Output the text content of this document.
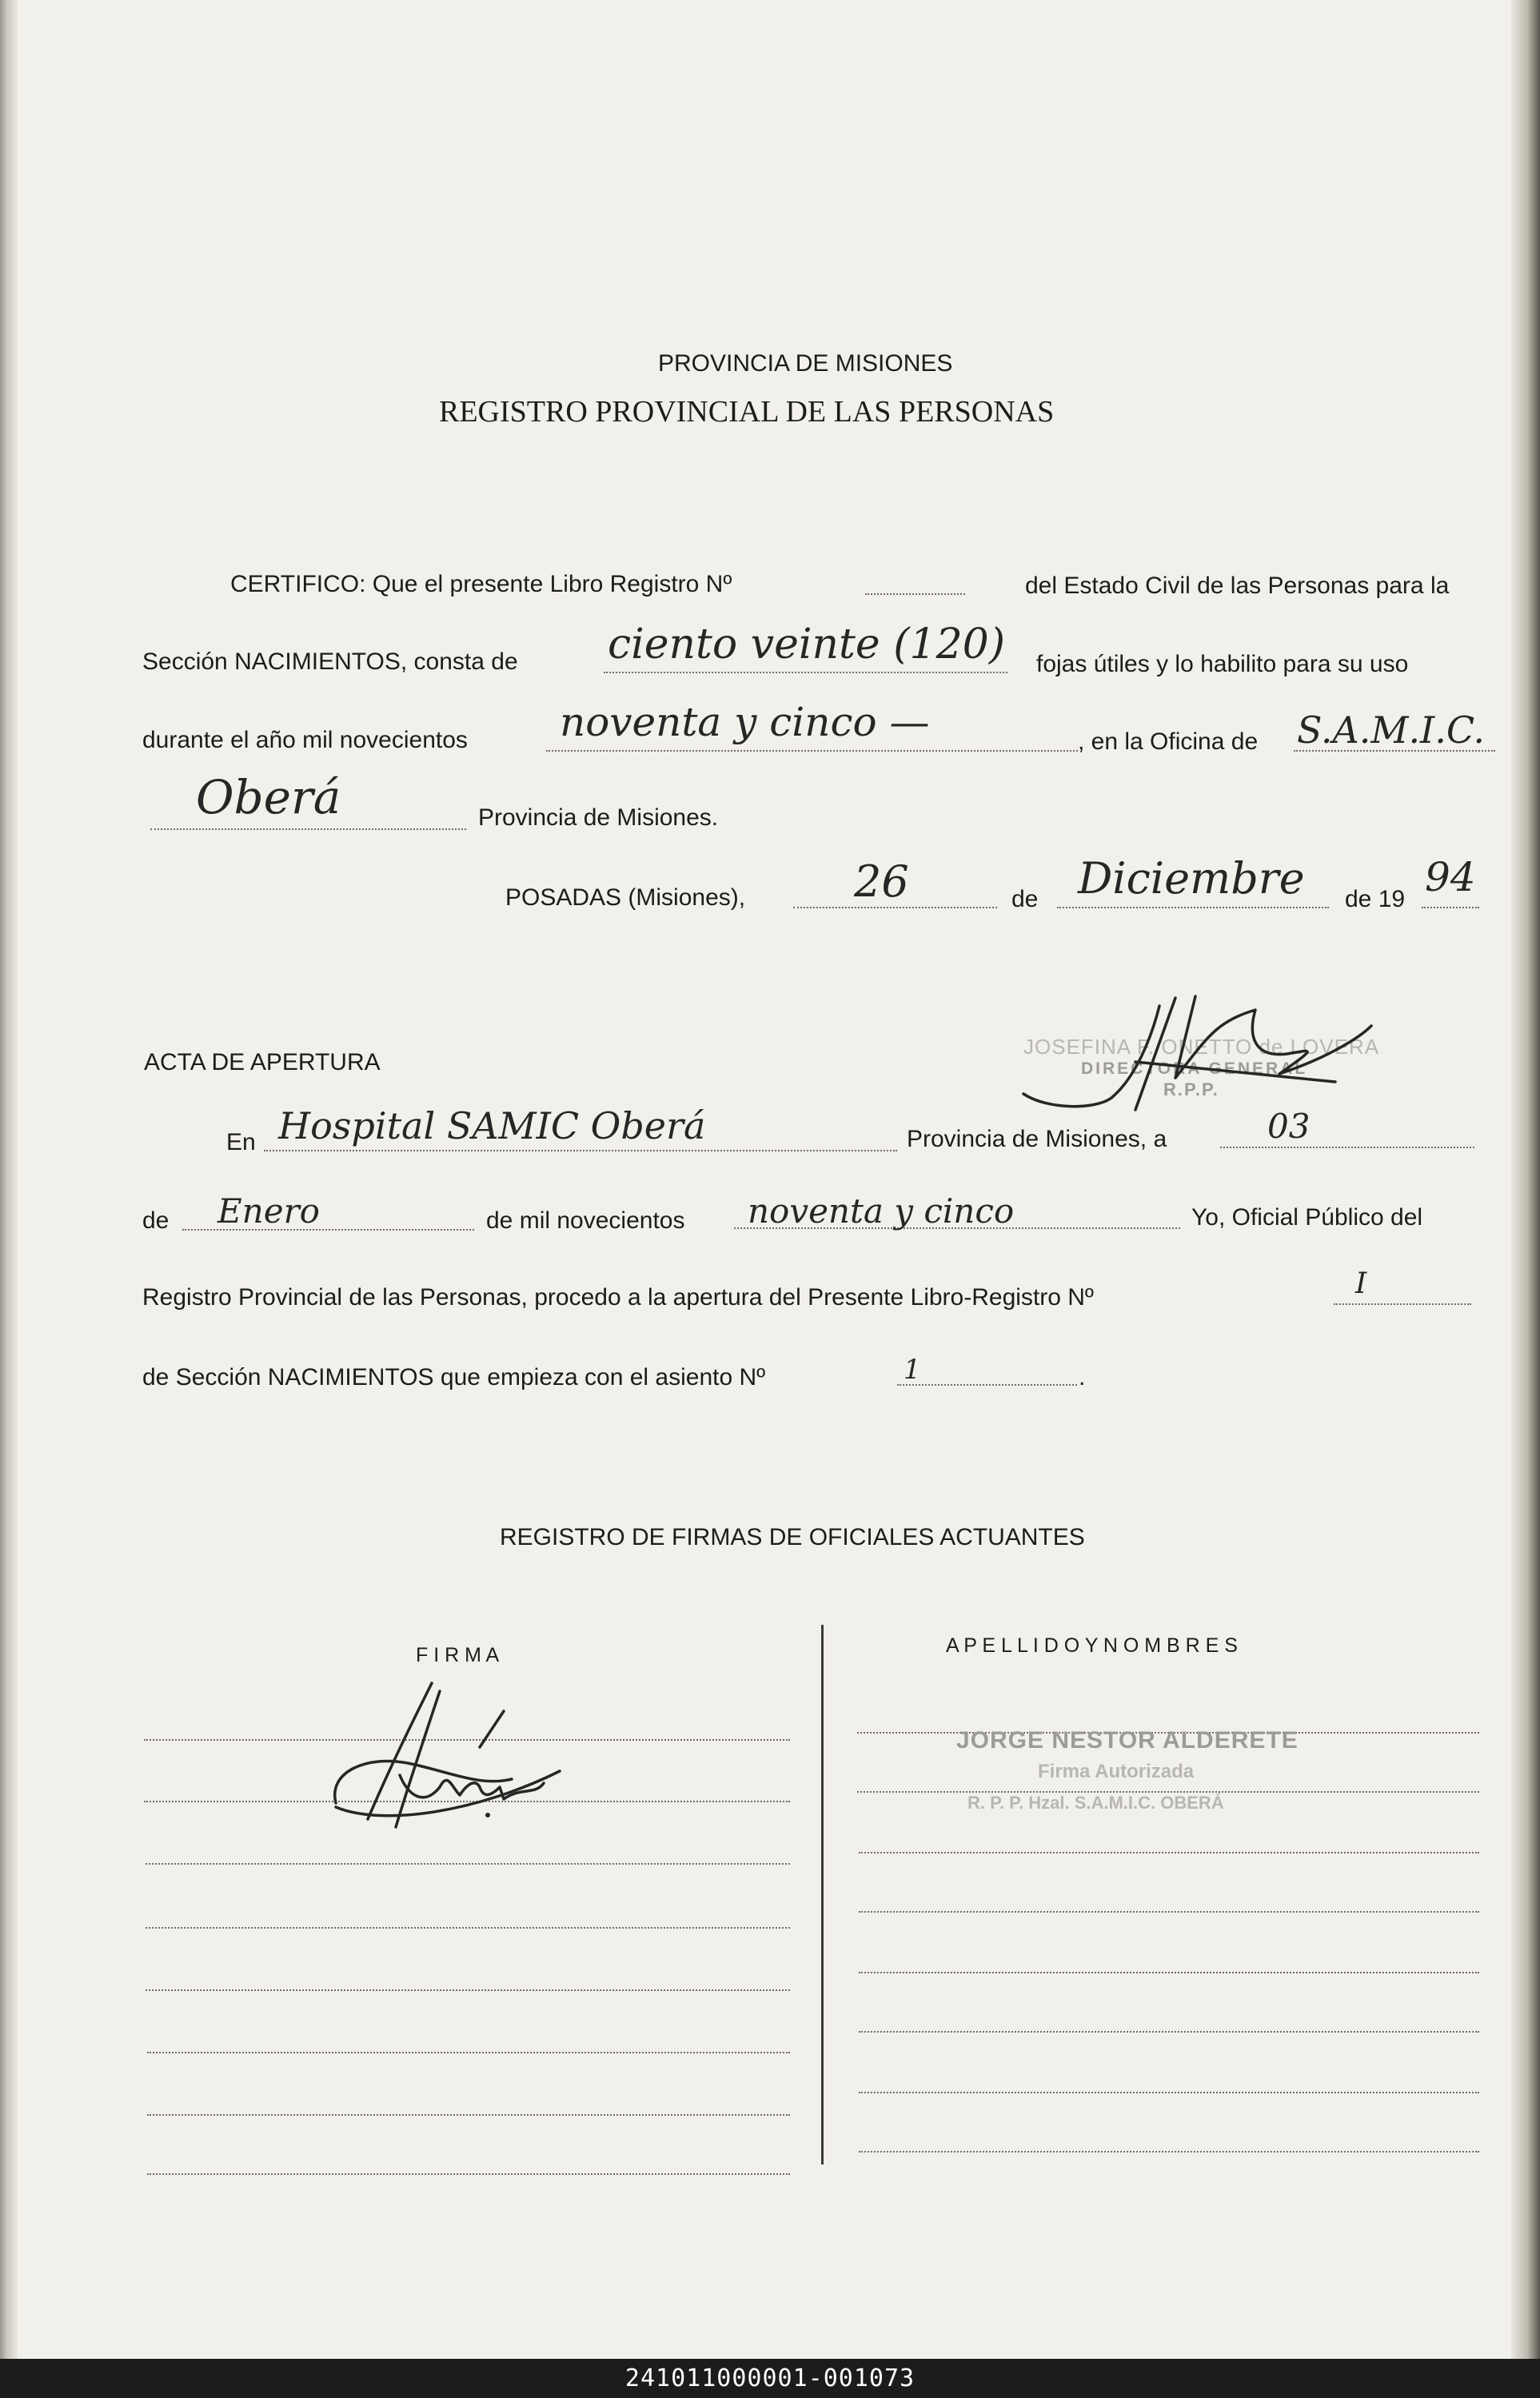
PROVINCIA DE MISIONES
REGISTRO PROVINCIAL DE LAS PERSONAS
CERTIFICO: Que el presente Libro Registro Nº	del Estado Civil de las Personas para la
Sección NACIMIENTOS, consta de ciento veinte (120) fojas útiles y lo habilito para su uso
durante el año mil novecientos noventa y cinco —	, en la Oficina de S.A.M.I.C.
Oberá	Provincia de Misiones.
POSADAS (Misiones),	26	de Diciembre de 19 94
JOSEFINA F. ONETTO de LOVERA
DIRECTORA GENERAL
R.P.P.
ACTA DE APERTURA
En Hospital SAMIC Oberá	Provincia de Misiones, a	03
de Enero	de mil novecientos noventa y cinco	Yo, Oficial Público del
Registro Provincial de las Personas, procedo a la apertura del Presente Libro-Registro Nº	I
de Sección NACIMIENTOS que empieza con el asiento Nº	1	.
REGISTRO DE FIRMAS DE OFICIALES ACTUANTES
F I R M A	A P E L L I D O Y N O M B R E S
JORGE NESTOR ALDERETE
Firma Autorizada
R. P. P. Hzal. S.A.M.I.C. OBERÁ
241011000001-001073
